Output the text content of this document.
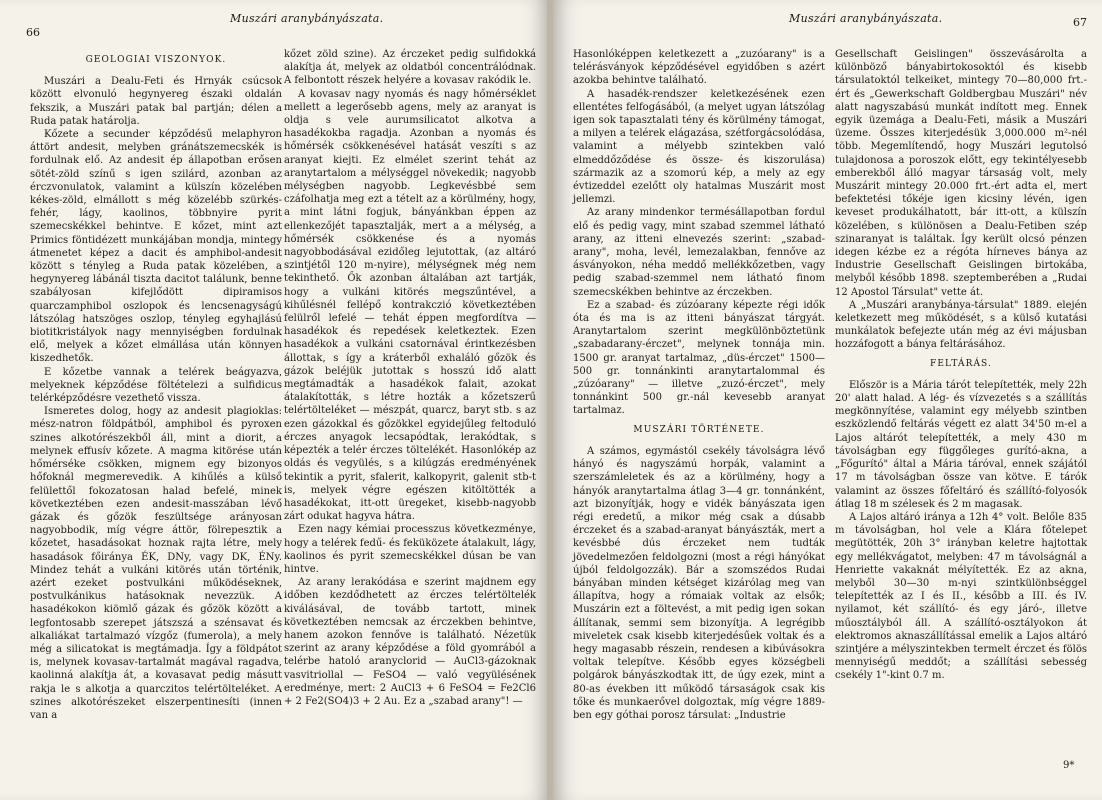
66
Muszári aranybányászata.
GEOLOGIAI VISZONYOK.

Muszári a Dealu-Feti és Hrnyák csúcsok között elvonuló hegynyereg északi oldalán fekszik, a Muszári patak bal partján; délen a Ruda patak határolja.

Kőzete a secunder képződésű melaphyron áttört andesit, melyben gránátszemecskék is fordulnak elő. Az andesit ép állapotban erősen sötét-zöld színű s igen szilárd, azonban az érczvonulatok, valamint a külszín közelében kékes-zöld, elmállott s még közelébb szürkés-fehér, lágy, kaolinos, többnyire pyrit szemecskékkel behintve. E kőzet, mint azt Primics föntidézett munkájában mondja, mintegy átmenetet képez a dacit és amphibol-andesit között s tényleg a Ruda patak közelében, a hegynyereg lábánál tiszta dacitot találunk, benne szabályosan kifejlődött dipiramisos quarczamphibol oszlopok és lencsenagyságú látszólag hatszöges oszlop, tényleg egyhajlású biotitkristályok nagy mennyiségben fordulnak elő, melyek a kőzet elmállása után könnyen kiszedhetők.

E kőzetbe vannak a telérek beágyazva, melyeknek képződése föltételezi a sulfidicus telérképződésre vezethető vissza.

Ismeretes dolog, hogy az andesit plagioklas: mész-natron földpátból, amphibol és pyroxen szines alkotórészekből áll, mint a diorit, a melynek effusív kőzete. A magma kitörése után hőmérséke csökken, mignem egy bizonyos hőfoknál megmerevedik. A kihűlés a külső felülettől fokozatosan halad befelé, minek következtében ezen andesit-masszában lévő gázak és gőzök feszültsége arányosan nagyobbodik, míg végre áttör, fölrepesztik a kőzetet, hasadásokat hoznak rajta létre, mely hasadások főiránya ÉK, DNy, vagy DK, ÉNy. Mindez tehát a vulkáni kitörés után történik, azért ezeket postvulkáni működéseknek, postvulkánikus hatásoknak nevezzük. A hasadékokon kiömlő gázak és gőzök között a legfontosabb szerepet játszszá a szénsavat és alkaliákat tartalmazó vízgőz (fumerola), a mely még a silicatokat is megtámadja. Így a földpátot is, melynek kovasav-tartalmát magával ragadva, kaolinná alakítja át, a kovasavat pedig másutt rakja le s alkotja a quarczitos telértölteléket. A szines alkotórészeket elszerpentinesíti (innen van a

kőzet zöld szine). Az érczeket pedig sulfidokká alakítja át, melyek az oldatból concentrálódnak. A felbontott részek helyére a kovasav rakódik le.

A kovasav nagy nyomás és nagy hőmérséklet mellett a legerősebb agens, mely az aranyat is oldja s vele aurumsilicatot alkotva a hasadékokba ragadja. Azonban a nyomás és hőmérsék csökkenésével hatását veszíti s az aranyat kiejti. Ez elmélet szerint tehát az aranytartalom a mélységgel növekedik; nagyobb mélységben nagyobb. Legkevésbbé sem czáfolhatja meg ezt a tételt az a körülmény, hogy, a mint látni fogjuk, bányánkban éppen az ellenkezőjét tapasztalják, mert a a mélység, a hőmérsék csökkenése és a nyomás nagyobbodásával ezidőleg lejutottak, (az altáró szintjétől 120 m-nyire), mélységnek még nem tekinthető. Ők azonban általában azt tartják, hogy a vulkáni kitörés megszűntével, a kihűlésnél fellépő kontrakczió következtében felülről lefelé — tehát éppen megfordítva — hasadékok és repedések keletkeztek. Ezen hasadékok a vulkáni csatornával érintkezésben állottak, s így a kráterből exhaláló gőzök és gázok beléjük jutottak s hosszú idő alatt megtámadták a hasadékok falait, azokat átalakították, s létre hozták a kőzetszerű telértölteléket — mészpát, quarcz, baryt stb. s az ezen gázokkal és gőzökkel egyidejűleg feltoduló érczes anyagok lecsapódtak, lerakódtak, s képezték a telér érczes töltelékét. Hasonlókép az oldás és vegyülés, s a kilúgzás eredményének tekintik a pyrit, sfalerit, kalkopyrit, galenit stb-t is, melyek végre egészen kitöltötték a hasadékokat, itt-ott üregeket, kisebb-nagyobb zárt odukat hagyva hátra.

Ezen nagy kémiai processzus következménye, hogy a telérek fedű- és feküközete átalakult, lágy, kaolinos és pyrit szemecskékkel dúsan be van hintve.

Az arany lerakódása e szerint majdnem egy időben kezdődhetett az érczes telértöltelék kiválásával, de tovább tartott, minek következtében nemcsak az érczekben behintve, hanem azokon fennőve is található. Nézetük szerint az arany képződése a föld gyomrából a telérbe hatoló aranyclorid — AuCl3-gázoknak vasvitriollal — FeSO4 — való vegyülésének eredménye, mert: 2 AuCl3 + 6 FeSO4 = Fe2Cl6 + 2 Fe2(SO4)3 + 2 Au. Ez a „szabad arany"! —

Muszári aranybányászata.	67

Hasonlóképpen keletkezett a „zuzóarany" is a telérásványok képződésével egyidőben s azért azokba behintve található.

A hasadék-rendszer keletkezésének ezen ellentétes felfogásából, (a melyet ugyan látszólag igen sok tapasztalati tény és körülmény támogat, a milyen a telérek elágazása, szétforgácsolódása, valamint a mélyebb szintekben való elmeddőződése és össze- és kiszorulása) származik az a szomorú kép, a mely az egy évtizeddel ezelőtt oly hatalmas Muszárit most jellemzi.

Az arany mindenkor termésállapotban fordul elő és pedig vagy, mint szabad szemmel látható arany, az itteni elnevezés szerint: „szabad-arany", moha, levél, lemezalakban, fennőve az ásványokon, néha meddő mellékkőzetben, vagy pedig szabad-szemmel nem látható finom szemecskékben behintve az érczekben.

Ez a szabad- és zúzóarany képezte régi idők óta és ma is az itteni bányászat tárgyát. Aranytartalom szerint megkülönböztetünk „szabadarany-érczet", melynek tonnája min. 1500 gr. aranyat tartalmaz, „düs-érczet" 1500—500 gr. tonnánkinti aranytartalommal és „zúzóarany" — illetve „zuzó-érczet", mely tonnánkint 500 gr.-nál kevesebb aranyat tartalmaz.

MUSZÁRI TÖRTÉNETE.

A számos, egymástól csekély távolságra lévő hányó és nagyszámú horpák, valamint a szerszámleletek és az a körülmény, hogy a hányók aranytartalma átlag 3—4 gr. tonnánként, azt bizonyítják, hogy e vidék bányászata igen régi eredetű, a mikor még csak a dúsabb érczeket és a szabad-aranyat bányászták, mert a kevésbbé dús érczeket nem tudták jövedelmezően feldolgozni (most a régi hányókat újból feldolgozzák). Bár a szomszédos Rudai bányában minden kétséget kizárólag meg van állapítva, hogy a rómaiak voltak az elsők; Muszárin ezt a föltevést, a mit pedig igen sokan állítanak, semmi sem bizonyítja. A legrégibb miveletek csak kisebb kiterjedésűek voltak és a hegy magasabb részein, rendesen a kibúvásokra voltak telepítve. Később egyes községbeli polgárok bányászkodtak itt, de úgy ezek, mint a 80-as években itt működő társaságok csak kis tőke és munkaerővel dolgoztak, míg végre 1889-ben egy góthai porosz társulat: „Industrie

Gesellschaft Geislingen" összevásárolta a különböző bányabirtokosoktól és kisebb társulatoktól telkeiket, mintegy 70—80,000 frt.-ért és „Gewerkschaft Goldbergbau Muszári" név alatt nagyszabású munkát indított meg. Ennek egyik üzemága a Dealu-Feti, másik a Muszári üzeme. Összes kiterjedésük 3,000.000 m²-nél több. Megemlítendő, hogy Muszári legutolsó tulajdonosa a poroszok előtt, egy tekintélyesebb emberekből álló magyar társaság volt, mely Muszárit mintegy 20.000 frt.-ért adta el, mert befektetési tőkéje igen kicsiny lévén, igen keveset produkálhatott, bár itt-ott, a külszín közelében, s különösen a Dealu-Fetiben szép szinaranyat is találtak. Így került olcsó pénzen idegen kézbe ez a régóta hírneves bánya az Industrie Gesellschaft Geislingen birtokába, melyből később 1898. szeptemberében a „Rudai 12 Apostol Társulat" vette át.

A „Muszári aranybánya-társulat" 1889. elején keletkezett meg működését, s a külső kutatási munkálatok befejezte után még az évi májusban hozzáfogott a bánya feltárásához.

FELTÁRÁS.

Először is a Mária tárót telepítették, mely 22h 20' alatt halad. A lég- és vízvezetés s a szállítás megkönnyítése, valamint egy mélyebb szintben eszközlendő feltárás végett ez alatt 34'50 m-el a Lajos altárót telepítették, a mely 430 m távolságban egy függőleges gurító-akna, a „Főgurító" által a Mária táróval, ennek szájától 17 m távolságban össze van kötve. E tárók valamint az összes főfeltáró és szállító-folyosók átlag 18 m szélesek és 2 m magasak.

A Lajos altáró iránya a 12h 4° volt. Belőle 835 m távolságban, hol vele a Klára főtelepet megütötték, 20h 3° irányban keletre hajtottak egy mellékvágatot, melyben: 47 m távolságnál a Henriette vakaknát mélyítették. Ez az akna, melyből 30—30 m-nyi szintkülönbséggel telepítették az I és II., később a III. és IV. nyilamot, két szállító- és egy járó-, illetve műosztályból áll. A szállító-osztályokon át elektromos aknaszállítással emelik a Lajos altáró szintjére a mélyszintekben termelt érczet és fölös mennyiségű meddőt; a szállítási sebesség csekély 1"-kint 0.7 m.

9*
